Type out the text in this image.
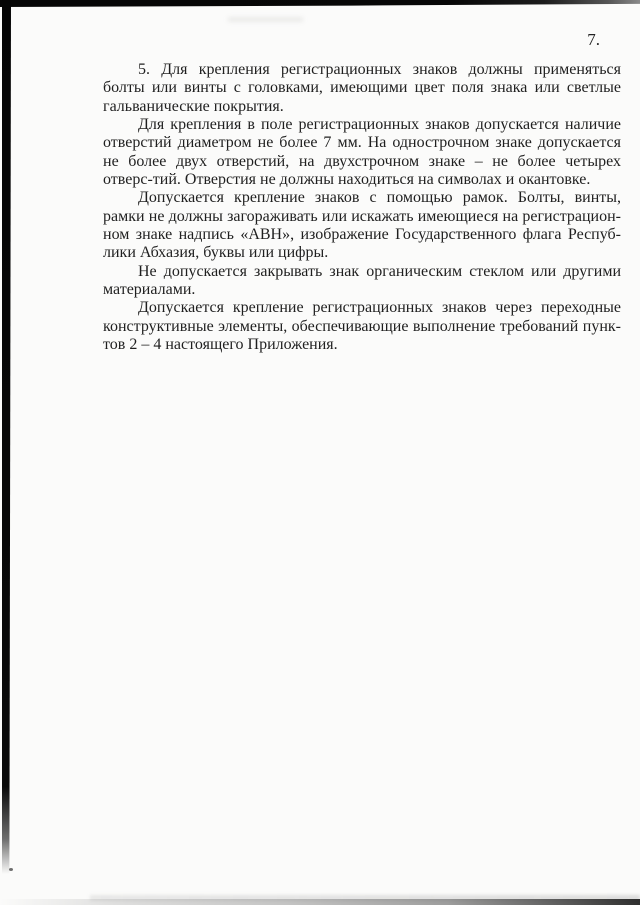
7.

5. Для крепления регистрационных знаков должны применяться
болты или винты с головками, имеющими цвет поля знака или светлые
гальванические покрытия.

Для крепления в поле регистрационных знаков допускается наличие
отверстий диаметром не более 7 мм. На однострочном знаке допускается
не более двух отверстий, на двухстрочном знаке – не более четырех
отверс-тий. Отверстия не должны находиться на символах и окантовке.

Допускается крепление знаков с помощью рамок. Болты, винты,
рамки не должны загораживать или искажать имеющиеся на регистрацион-
ном знаке надпись «АВН», изображение Государственного флага Респуб-
лики Абхазия, буквы или цифры.

Не допускается закрывать знак органическим стеклом или другими
материалами.

Допускается крепление регистрационных знаков через переходные
конструктивные элементы, обеспечивающие выполнение требований пунк-
тов 2 – 4 настоящего Приложения.
